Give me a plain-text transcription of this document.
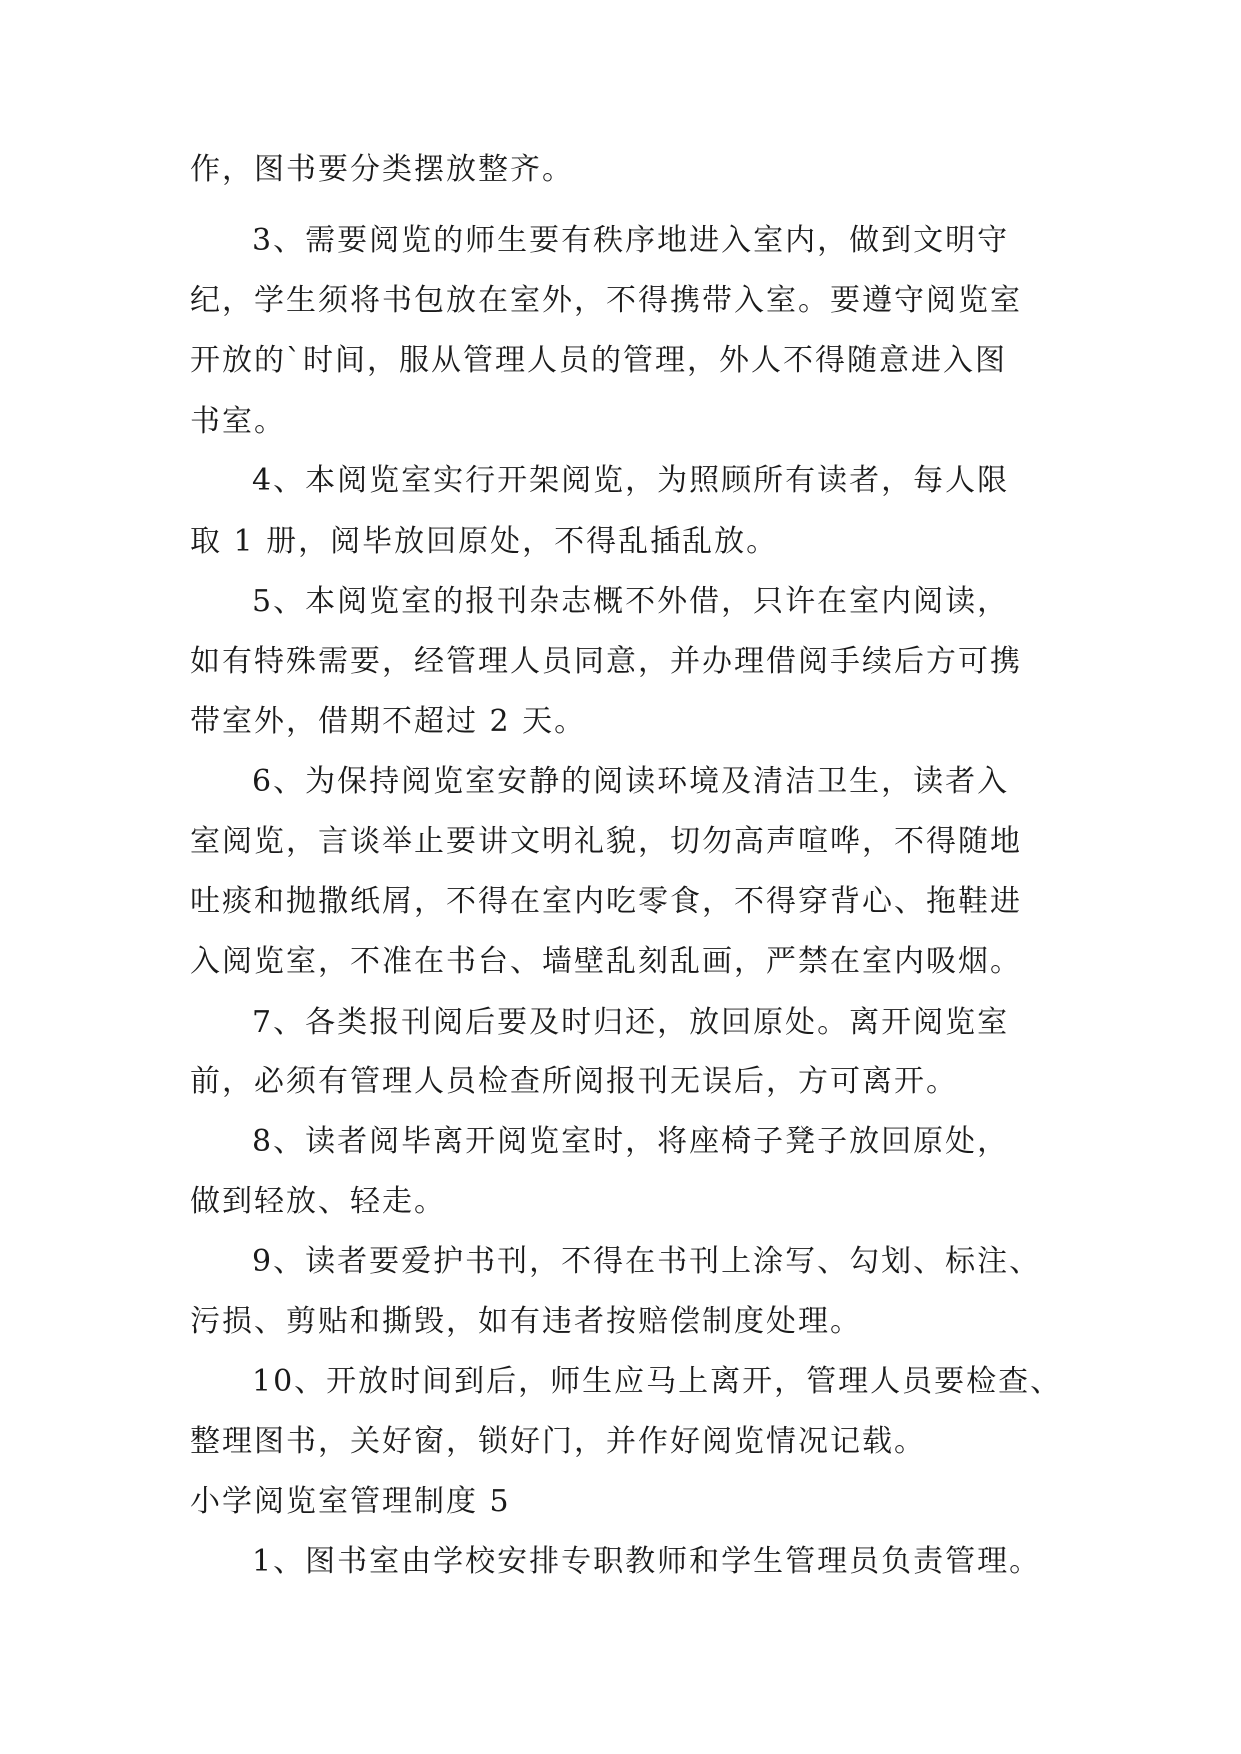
作，图书要分类摆放整齐。

3、需要阅览的师生要有秩序地进入室内，做到文明守

纪，学生须将书包放在室外，不得携带入室。要遵守阅览室

开放的`时间，服从管理人员的管理，外人不得随意进入图

书室。

4、本阅览室实行开架阅览，为照顾所有读者，每人限

取 1 册，阅毕放回原处，不得乱插乱放。

5、本阅览室的报刊杂志概不外借，只许在室内阅读，

如有特殊需要，经管理人员同意，并办理借阅手续后方可携

带室外，借期不超过 2 天。

6、为保持阅览室安静的阅读环境及清洁卫生，读者入

室阅览，言谈举止要讲文明礼貌，切勿高声喧哗，不得随地

吐痰和抛撒纸屑，不得在室内吃零食，不得穿背心、拖鞋进

入阅览室，不准在书台、墙壁乱刻乱画，严禁在室内吸烟。

7、各类报刊阅后要及时归还，放回原处。离开阅览室

前，必须有管理人员检查所阅报刊无误后，方可离开。

8、读者阅毕离开阅览室时，将座椅子凳子放回原处，

做到轻放、轻走。

9、读者要爱护书刊，不得在书刊上涂写、勾划、标注、

污损、剪贴和撕毁，如有违者按赔偿制度处理。

10、开放时间到后，师生应马上离开，管理人员要检查、

整理图书，关好窗，锁好门，并作好阅览情况记载。

小学阅览室管理制度 5

1、图书室由学校安排专职教师和学生管理员负责管理。
